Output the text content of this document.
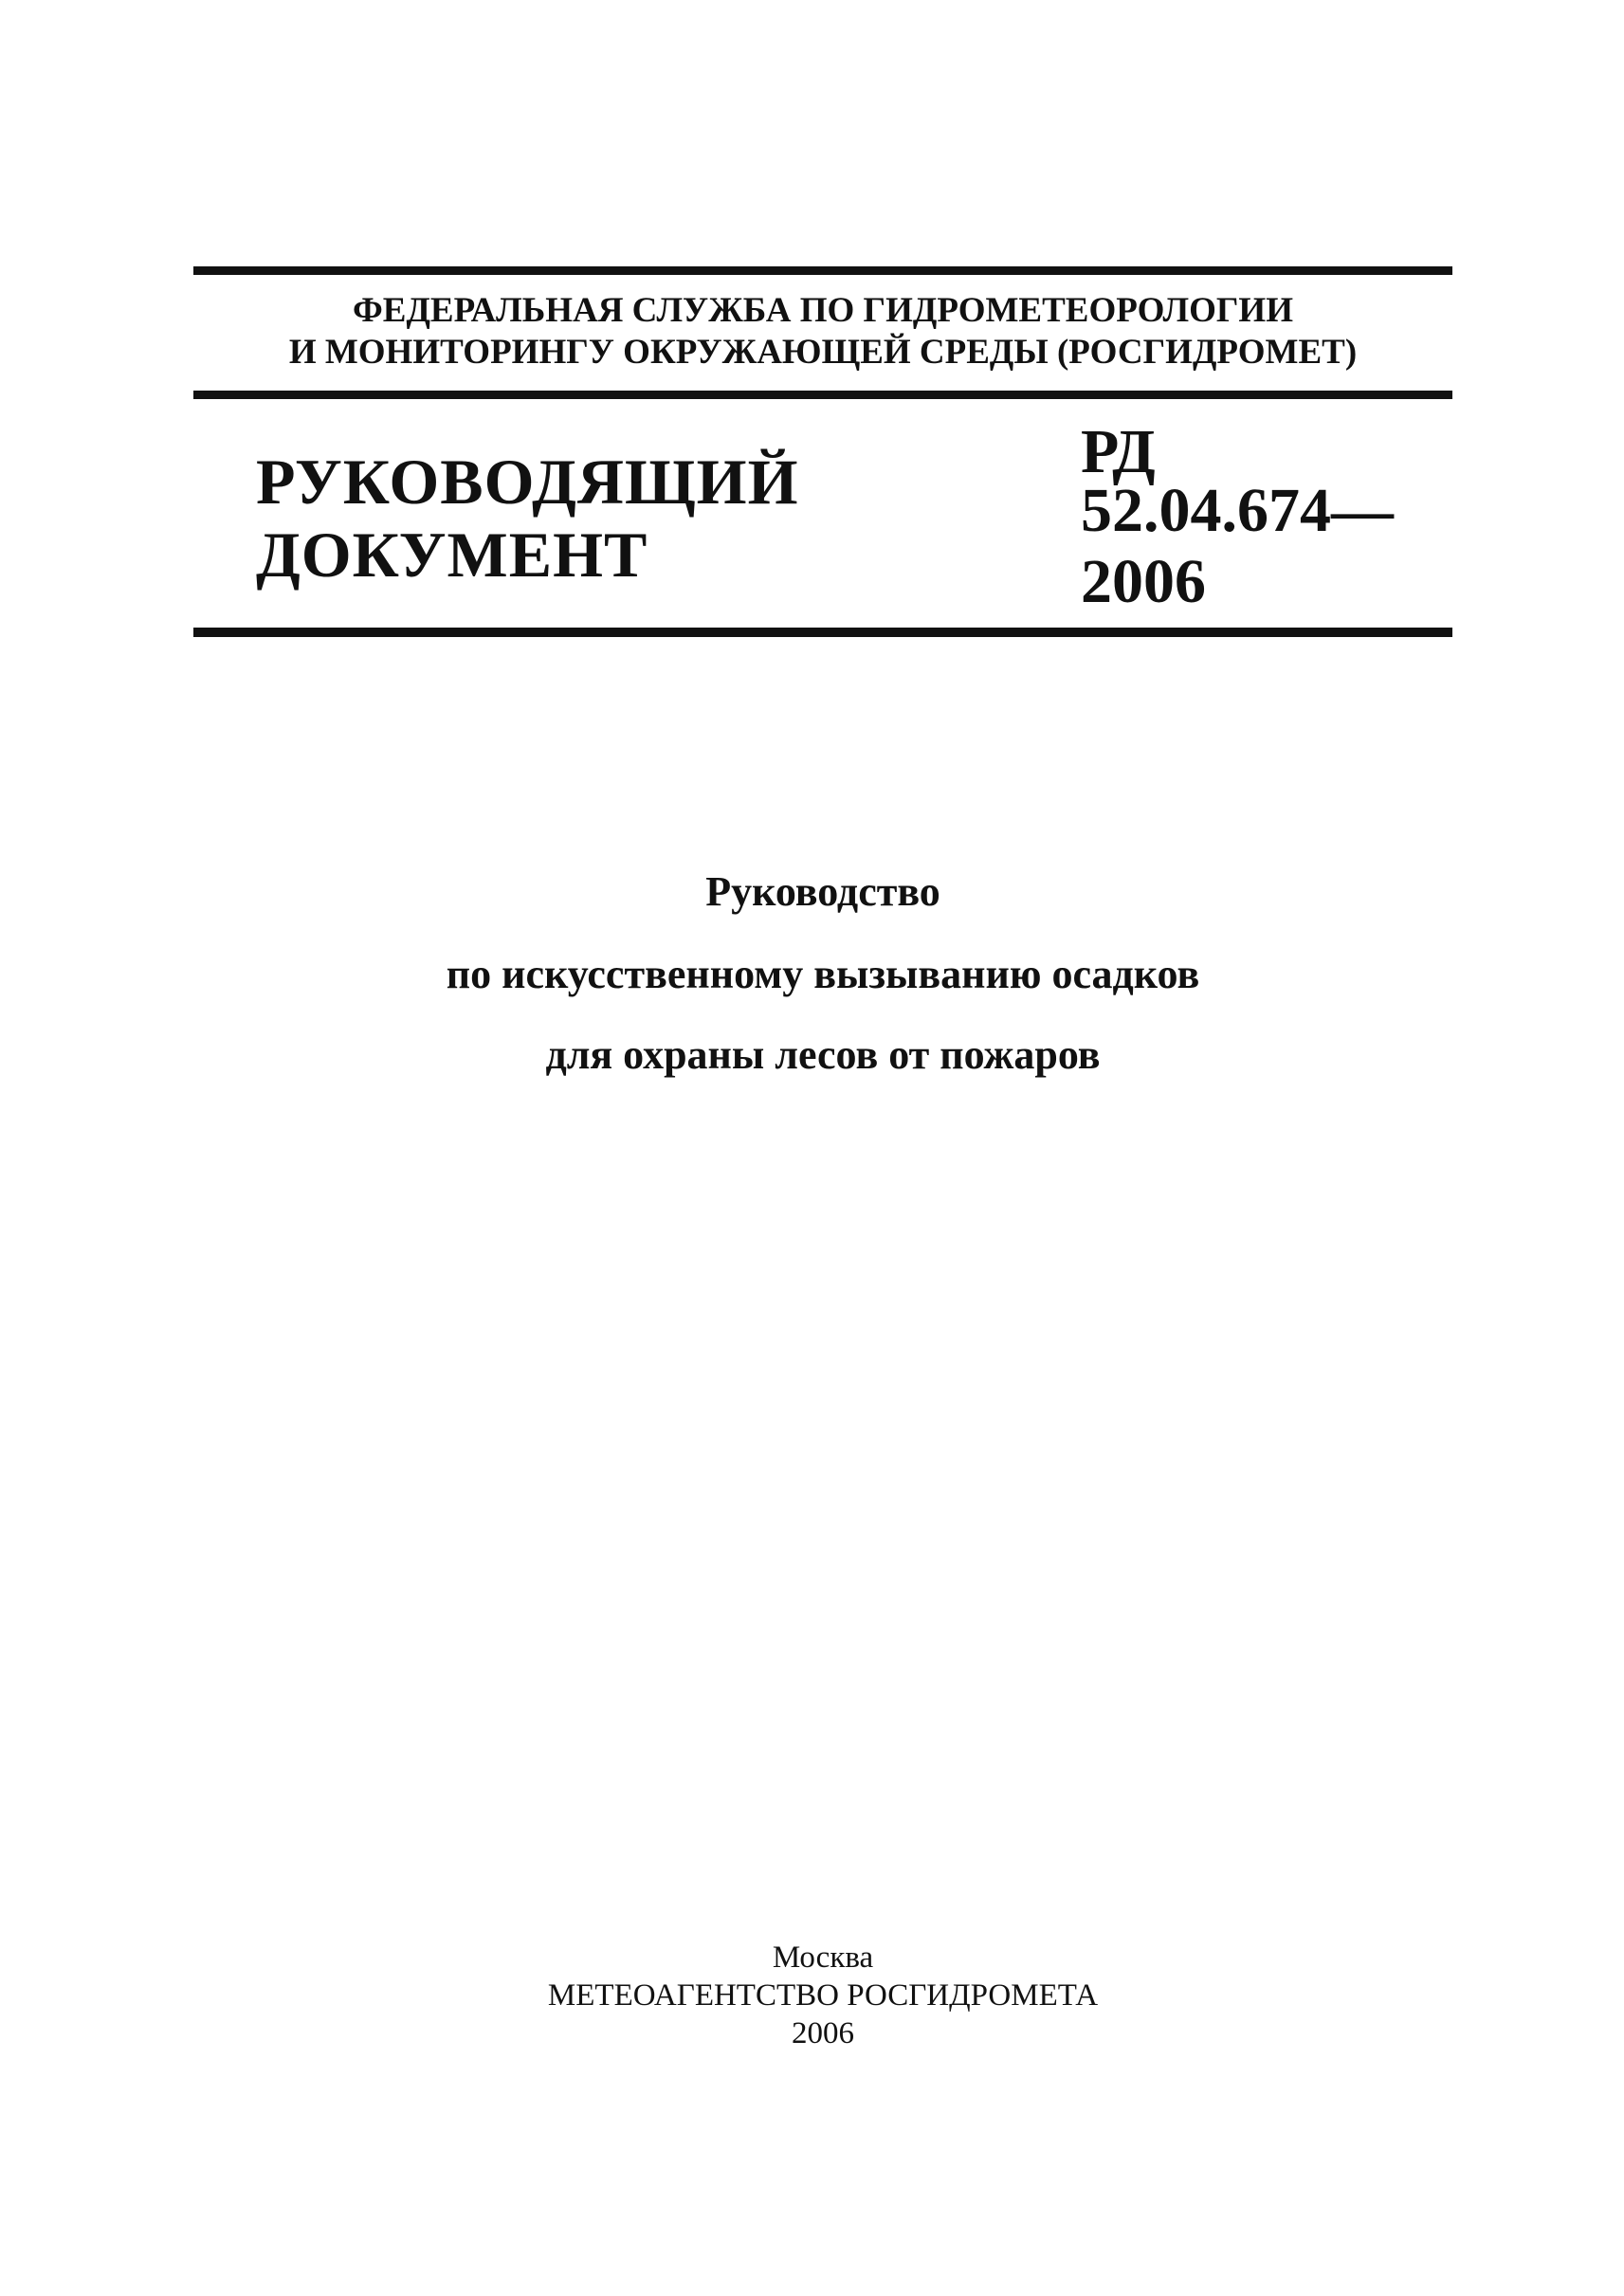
ФЕДЕРАЛЬНАЯ СЛУЖБА ПО ГИДРОМЕТЕОРОЛОГИИ
И МОНИТОРИНГУ ОКРУЖАЮЩЕЙ СРЕДЫ (РОСГИДРОМЕТ)
РУКОВОДЯЩИЙ
ДОКУМЕНТ
РД
52.04.674—
2006
Руководство
по искусственному вызыванию осадков
для охраны лесов от пожаров
Москва
МЕТЕОАГЕНТСТВО РОСГИДРОМЕТА
2006
